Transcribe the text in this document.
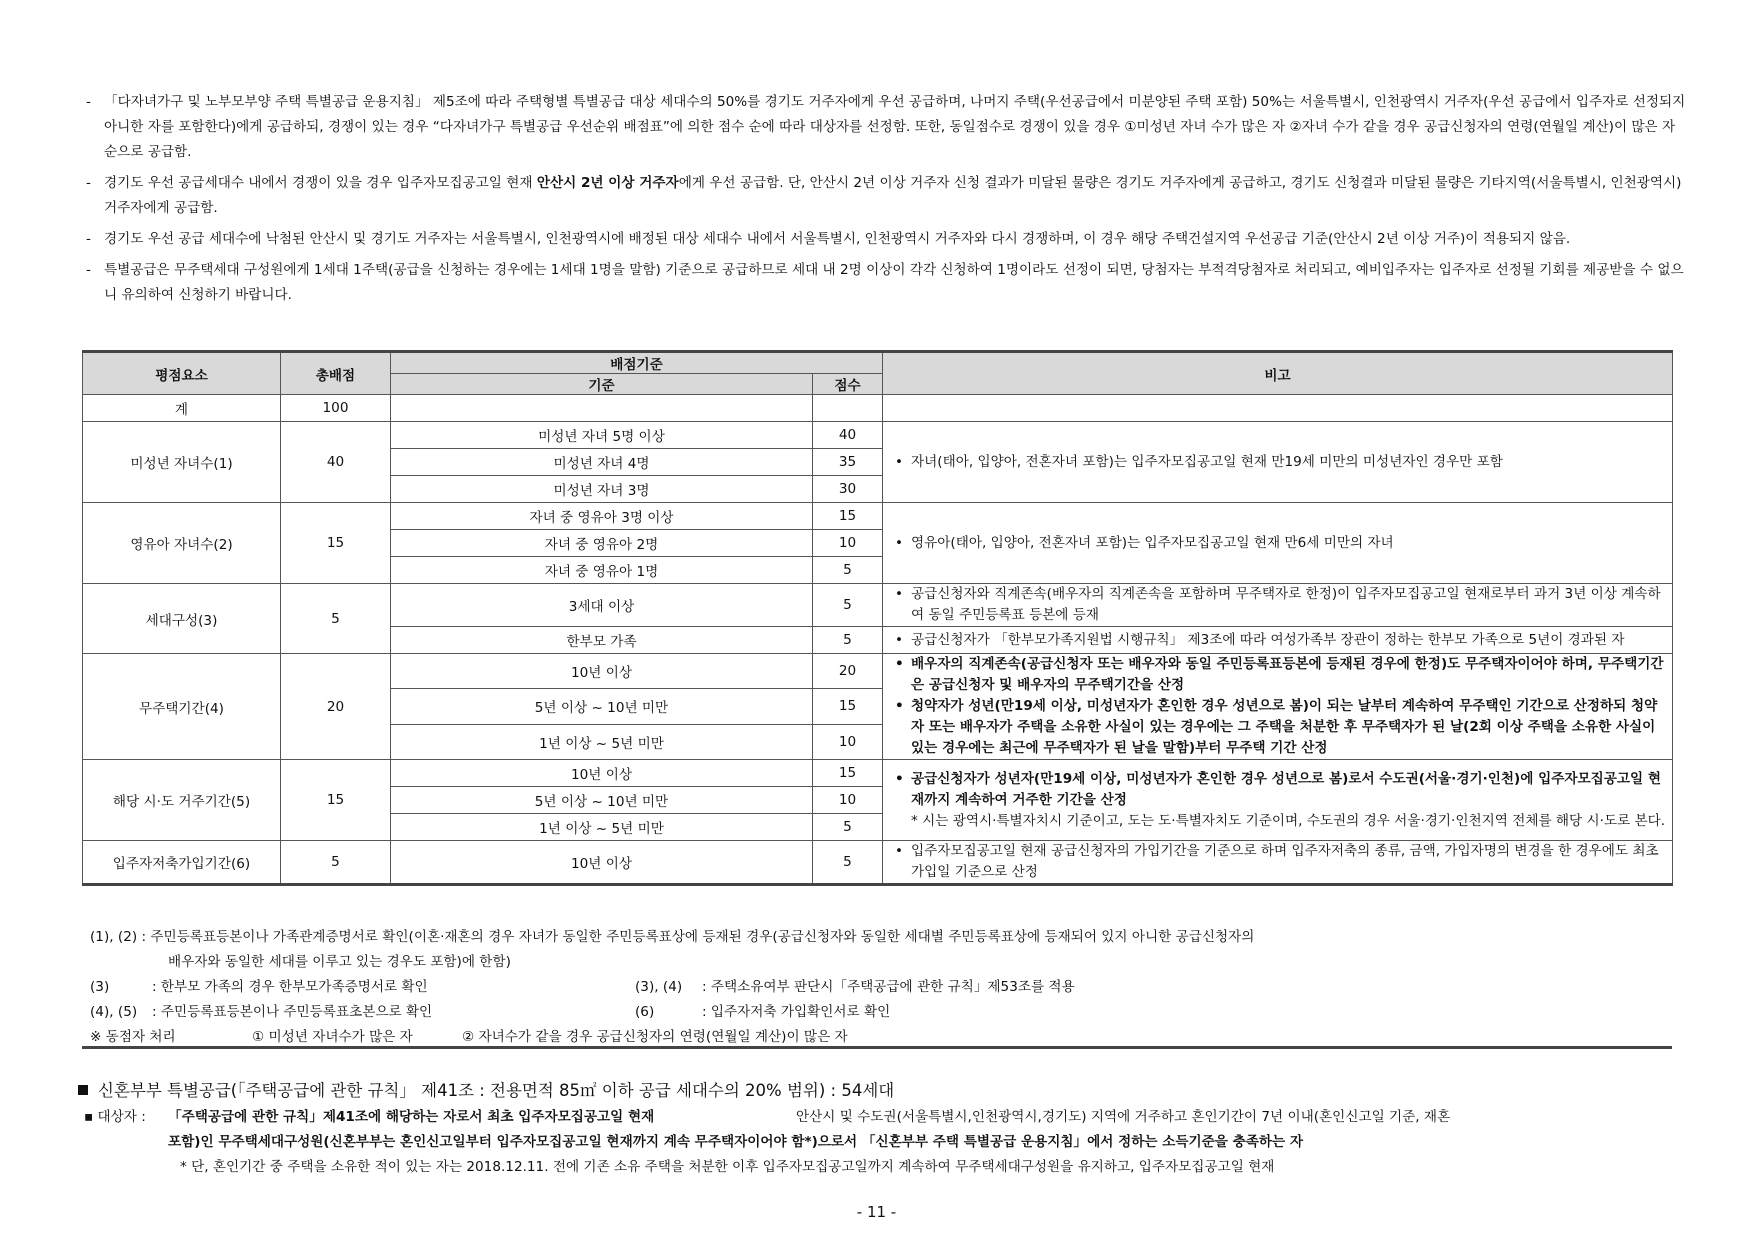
- 「다자녀가구 및 노부모부양 주택 특별공급 운용지침」 제5조에 따라 주택형별 특별공급 대상 세대수의 50%를 경기도 거주자에게 우선 공급하며, 나머지 주택(우선공급에서 미분양된 주택 포함) 50%는 서울특별시, 인천광역시 거주자(우선 공급에서 입주자로 선정되지 아니한 자를 포함한다)에게 공급하되, 경쟁이 있는 경우 “다자녀가구 특별공급 우선순위 배점표”에 의한 점수 순에 따라 대상자를 선정함. 또한, 동일점수로 경쟁이 있을 경우 ①미성년 자녀 수가 많은 자 ②자녀 수가 같을 경우 공급신청자의 연령(연월일 계산)이 많은 자 순으로 공급함.
- 경기도 우선 공급세대수 내에서 경쟁이 있을 경우 입주자모집공고일 현재 안산시 2년 이상 거주자에게 우선 공급함. 단, 안산시 2년 이상 거주자 신청 결과가 미달된 물량은 경기도 거주자에게 공급하고, 경기도 신청결과 미달된 물량은 기타지역(서울특별시, 인천광역시) 거주자에게 공급함.
- 경기도 우선 공급 세대수에 낙첨된 안산시 및 경기도 거주자는 서울특별시, 인천광역시에 배정된 대상 세대수 내에서 서울특별시, 인천광역시 거주자와 다시 경쟁하며, 이 경우 해당 주택건설지역 우선공급 기준(안산시 2년 이상 거주)이 적용되지 않음.
- 특별공급은 무주택세대 구성원에게 1세대 1주택(공급을 신청하는 경우에는 1세대 1명을 말함) 기준으로 공급하므로 세대 내 2명 이상이 각각 신청하여 1명이라도 선정이 되면, 당첨자는 부적격당첨자로 처리되고, 예비입주자는 입주자로 선정될 기회를 제공받을 수 없으니 유의하여 신청하기 바랍니다.
평점요소	총배점	배점기준		비고
		기준	점수	
계	100			
미성년 자녀수(1)	40	미성년 자녀 5명 이상	40	• 자녀(태아, 입양아, 전혼자녀 포함)는 입주자모집공고일 현재 만19세 미만의 미성년자인 경우만 포함

		미성년 자녀 4명	35	
		미성년 자녀 3명	30	
영유아 자녀수(2)	15	자녀 중 영유아 3명 이상	15	• 영유아(태아, 입양아, 전혼자녀 포함)는 입주자모집공고일 현재 만6세 미만의 자녀

		자녀 중 영유아 2명	10	
		자녀 중 영유아 1명	5	
세대구성(3)	5	3세대 이상	5	• 공급신청자와 직계존속(배우자의 직계존속을 포함하며 무주택자로 한정)이 입주자모집공고일 현재로부터 과거 3년 이상 계속하여 동일 주민등록표 등본에 등재

		한부모 가족	5	• 공급신청자가 「한부모가족지원법 시행규칙」 제3조에 따라 여성가족부 장관이 정하는 한부모 가족으로 5년이 경과된 자

무주택기간(4)	20	10년 이상	20	• 배우자의 직계존속(공급신청자 또는 배우자와 동일 주민등록표등본에 등재된 경우에 한정)도 무주택자이어야 하며, 무주택기간은 공급신청자 및 배우자의 무주택기간을 산정
• 청약자가 성년(만19세 이상, 미성년자가 혼인한 경우 성년으로 봄)이 되는 날부터 계속하여 무주택인 기간으로 산정하되 청약자 또는 배우자가 주택을 소유한 사실이 있는 경우에는 그 주택을 처분한 후 무주택자가 된 날(2회 이상 주택을 소유한 사실이 있는 경우에는 최근에 무주택자가 된 날을 말함)부터 무주택 기간 산정

		5년 이상 ~ 10년 미만	15	
		1년 이상 ~ 5년 미만	10	
해당 시·도 거주기간(5)	15	10년 이상	15	• 공급신청자가 성년자(만19세 이상, 미성년자가 혼인한 경우 성년으로 봄)로서 수도권(서울·경기·인천)에 입주자모집공고일 현재까지 계속하여 거주한 기간을 산정
* 시는 광역시·특별자치시 기준이고, 도는 도·특별자치도 기준이며, 수도권의 경우 서울·경기·인천지역 전체를 해당 시·도로 본다.

		5년 이상 ~ 10년 미만	10	
		1년 이상 ~ 5년 미만	5	
입주자저축가입기간(6)	5	10년 이상	5	• 입주자모집공고일 현재 공급신청자의 가입기간을 기준으로 하며 입주자저축의 종류, 금액, 가입자명의 변경을 한 경우에도 최초 가입일 기준으로 산정
(1), (2) : 주민등록표등본이나 가족관계증명서로 확인(이혼·재혼의 경우 자녀가 동일한 주민등록표상에 등재된 경우(공급신청자와 동일한 세대별 주민등록표상에 등재되어 있지 아니한 공급신청자의
배우자와 동일한 세대를 이루고 있는 경우도 포함)에 한함)
(3)	: 한부모 가족의 경우 한부모가족증명서로 확인	(3), (4) : 주택소유여부 판단시「주택공급에 관한 규칙」제53조를 적용
(4), (5) : 주민등록표등본이나 주민등록표초본으로 확인	(6)	: 입주자저축 가입확인서로 확인
※ 동점자 처리	① 미성년 자녀수가 많은 자	② 자녀수가 같을 경우 공급신청자의 연령(연월일 계산)이 많은 자
신혼부부 특별공급(「주택공급에 관한 규칙」 제41조 : 전용면적 85㎡ 이하 공급 세대수의 20% 범위) : 54세대
▪ 대상자 : 「주택공급에 관한 규칙」제41조에 해당하는 자로서 최초 입주자모집공고일 현재	안산시 및 수도권(서울특별시,인천광역시,경기도) 지역에 거주하고 혼인기간이 7년 이내(혼인신고일 기준, 재혼
포함)인 무주택세대구성원(신혼부부는 혼인신고일부터 입주자모집공고일 현재까지 계속 무주택자이어야 함*)으로서 「신혼부부 주택 특별공급 운용지침」에서 정하는 소득기준을 충족하는 자
* 단, 혼인기간 중 주택을 소유한 적이 있는 자는 2018.12.11. 전에 기존 소유 주택을 처분한 이후 입주자모집공고일까지 계속하여 무주택세대구성원을 유지하고, 입주자모집공고일 현재
- 11 -
